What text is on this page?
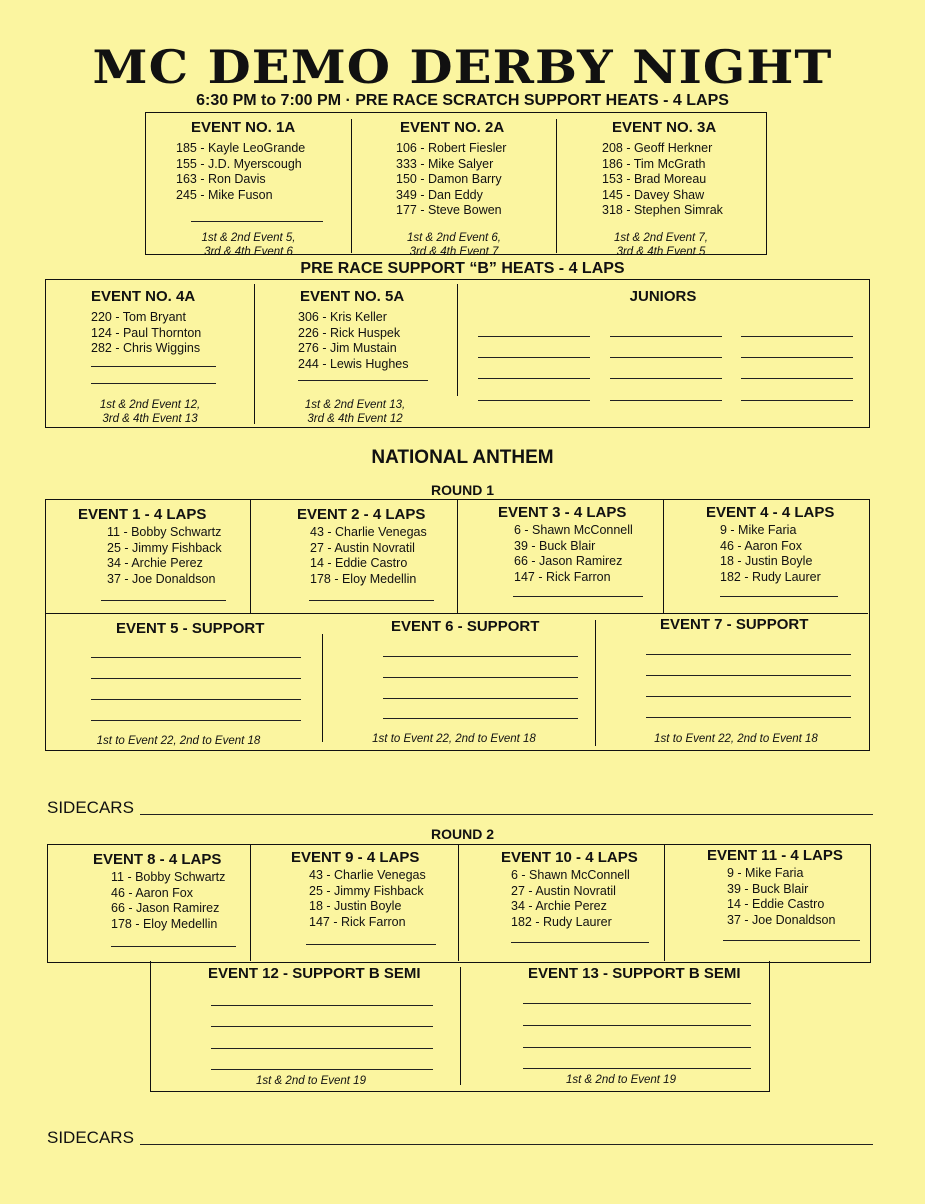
MC DEMO DERBY NIGHT
6:30 PM to 7:00 PM · PRE RACE SCRATCH SUPPORT HEATS - 4 LAPS
EVENT NO. 1A
185 - Kayle LeoGrande
155 - J.D. Myerscough
163 - Ron Davis
245 - Mike Fuson
1st & 2nd Event 5,
3rd & 4th Event 6
EVENT NO. 2A
106 - Robert Fiesler
333 - Mike Salyer
150 - Damon Barry
349 - Dan Eddy
177 - Steve Bowen
1st & 2nd Event 6,
3rd & 4th Event 7
EVENT NO. 3A
208 - Geoff Herkner
186 - Tim McGrath
153 - Brad Moreau
145 - Davey Shaw
318 - Stephen Simrak
1st & 2nd Event 7,
3rd & 4th Event 5
PRE RACE SUPPORT “B” HEATS - 4 LAPS
EVENT NO. 4A
220 - Tom Bryant
124 - Paul Thornton
282 - Chris Wiggins
1st & 2nd Event 12,
3rd & 4th Event 13
EVENT NO. 5A
306 - Kris Keller
226 - Rick Huspek
276 - Jim Mustain
244 - Lewis Hughes
1st & 2nd Event 13,
3rd & 4th Event 12
JUNIORS
NATIONAL ANTHEM
ROUND 1
EVENT 1 - 4 LAPS
11 - Bobby Schwartz
25 - Jimmy Fishback
34 - Archie Perez
37 - Joe Donaldson
EVENT 2 - 4 LAPS
43 - Charlie Venegas
27 - Austin Novratil
14 - Eddie Castro
178 - Eloy Medellin
EVENT 3 - 4 LAPS
6 - Shawn McConnell
39 - Buck Blair
66 - Jason Ramirez
147 - Rick Farron
EVENT 4 - 4 LAPS
9 - Mike Faria
46 - Aaron Fox
18 - Justin Boyle
182 - Rudy Laurer
EVENT 5 - SUPPORT
1st to Event 22, 2nd to Event 18
EVENT 6 - SUPPORT
1st to Event 22, 2nd to Event 18
EVENT 7 - SUPPORT
1st to Event 22, 2nd to Event 18
SIDECARS
ROUND 2
EVENT 8 - 4 LAPS
11 - Bobby Schwartz
46 - Aaron Fox
66 - Jason Ramirez
178 - Eloy Medellin
EVENT 9 - 4 LAPS
43 - Charlie Venegas
25 - Jimmy Fishback
18 - Justin Boyle
147 - Rick Farron
EVENT 10 - 4 LAPS
6 - Shawn McConnell
27 - Austin Novratil
34 - Archie Perez
182 - Rudy Laurer
EVENT 11 - 4 LAPS
9 - Mike Faria
39 - Buck Blair
14 - Eddie Castro
37 - Joe Donaldson
EVENT 12 - SUPPORT B SEMI
1st & 2nd to Event 19
EVENT 13 - SUPPORT B SEMI
1st & 2nd to Event 19
SIDECARS
